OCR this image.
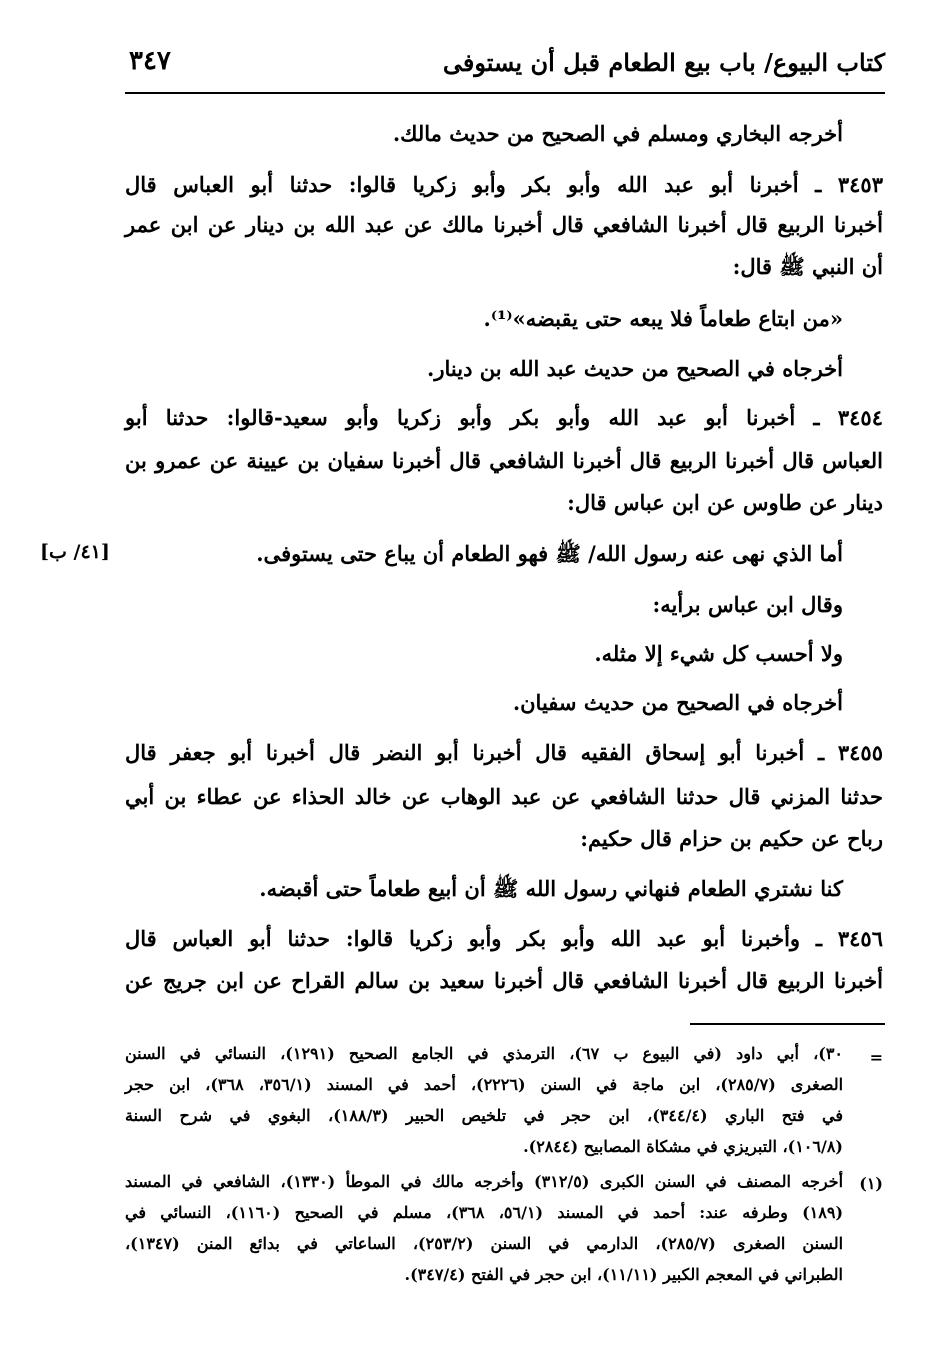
كتاب البيوع/ باب بيع الطعام قبل أن يستوفى
٣٤٧
أخرجه البخاري ومسلم في الصحيح من حديث مالك.
٣٤٥٣ ـ أخبرنا أبو عبد الله وأبو بكر وأبو زكريا قالوا: حدثنا أبو العباس قال
أخبرنا الربيع قال أخبرنا الشافعي قال أخبرنا مالك عن عبد الله بن دينار عن ابن عمر
أن النبي ﷺ قال:
«من ابتاع طعاماً فلا يبعه حتى يقبضه»⁽¹⁾.
أخرجاه في الصحيح من حديث عبد الله بن دينار.
٣٤٥٤ ـ أخبرنا أبو عبد الله وأبو بكر وأبو زكريا وأبو سعيد-قالوا: حدثنا أبو
العباس قال أخبرنا الربيع قال أخبرنا الشافعي قال أخبرنا سفيان بن عيينة عن عمرو بن
دينار عن طاوس عن ابن عباس قال:
أما الذي نهى عنه رسول الله/ ﷺ فهو الطعام أن يباع حتى يستوفى.
[٤١/ ب]
وقال ابن عباس برأيه:
ولا أحسب كل شيء إلا مثله.
أخرجاه في الصحيح من حديث سفيان.
٣٤٥٥ ـ أخبرنا أبو إسحاق الفقيه قال أخبرنا أبو النضر قال أخبرنا أبو جعفر قال
حدثنا المزني قال حدثنا الشافعي عن عبد الوهاب عن خالد الحذاء عن عطاء بن أبي
رباح عن حكيم بن حزام قال حكيم:
كنا نشتري الطعام فنهاني رسول الله ﷺ أن أبيع طعاماً حتى أقبضه.
٣٤٥٦ ـ وأخبرنا أبو عبد الله وأبو بكر وأبو زكريا قالوا: حدثنا أبو العباس قال
أخبرنا الربيع قال أخبرنا الشافعي قال أخبرنا سعيد بن سالم القراح عن ابن جريج عن
=
٣٠)، أبي داود (في البيوع ب ٦٧)، الترمذي في الجامع الصحيح (١٢٩١)، النسائي في السنن
الصغرى (٢٨٥/٧)، ابن ماجة في السنن (٢٢٢٦)، أحمد في المسند (٣٥٦/١، ٣٦٨)، ابن حجر
في فتح الباري (٣٤٤/٤)، ابن حجر في تلخيص الحبير (١٨٨/٣)، البغوي في شرح السنة
(١٠٦/٨)، التبريزي في مشكاة المصابيح (٢٨٤٤).
(١)
أخرجه المصنف في السنن الكبرى (٣١٢/٥) وأخرجه مالك في الموطأ (١٣٣٠)، الشافعي في المسند
(١٨٩) وطرفه عند: أحمد في المسند (٥٦/١، ٣٦٨)، مسلم في الصحيح (١١٦٠)، النسائي في
السنن الصغرى (٢٨٥/٧)، الدارمي في السنن (٢٥٣/٢)، الساعاتي في بدائع المنن (١٣٤٧)،
الطبراني في المعجم الكبير (١١/١١)، ابن حجر في الفتح (٣٤٧/٤).
